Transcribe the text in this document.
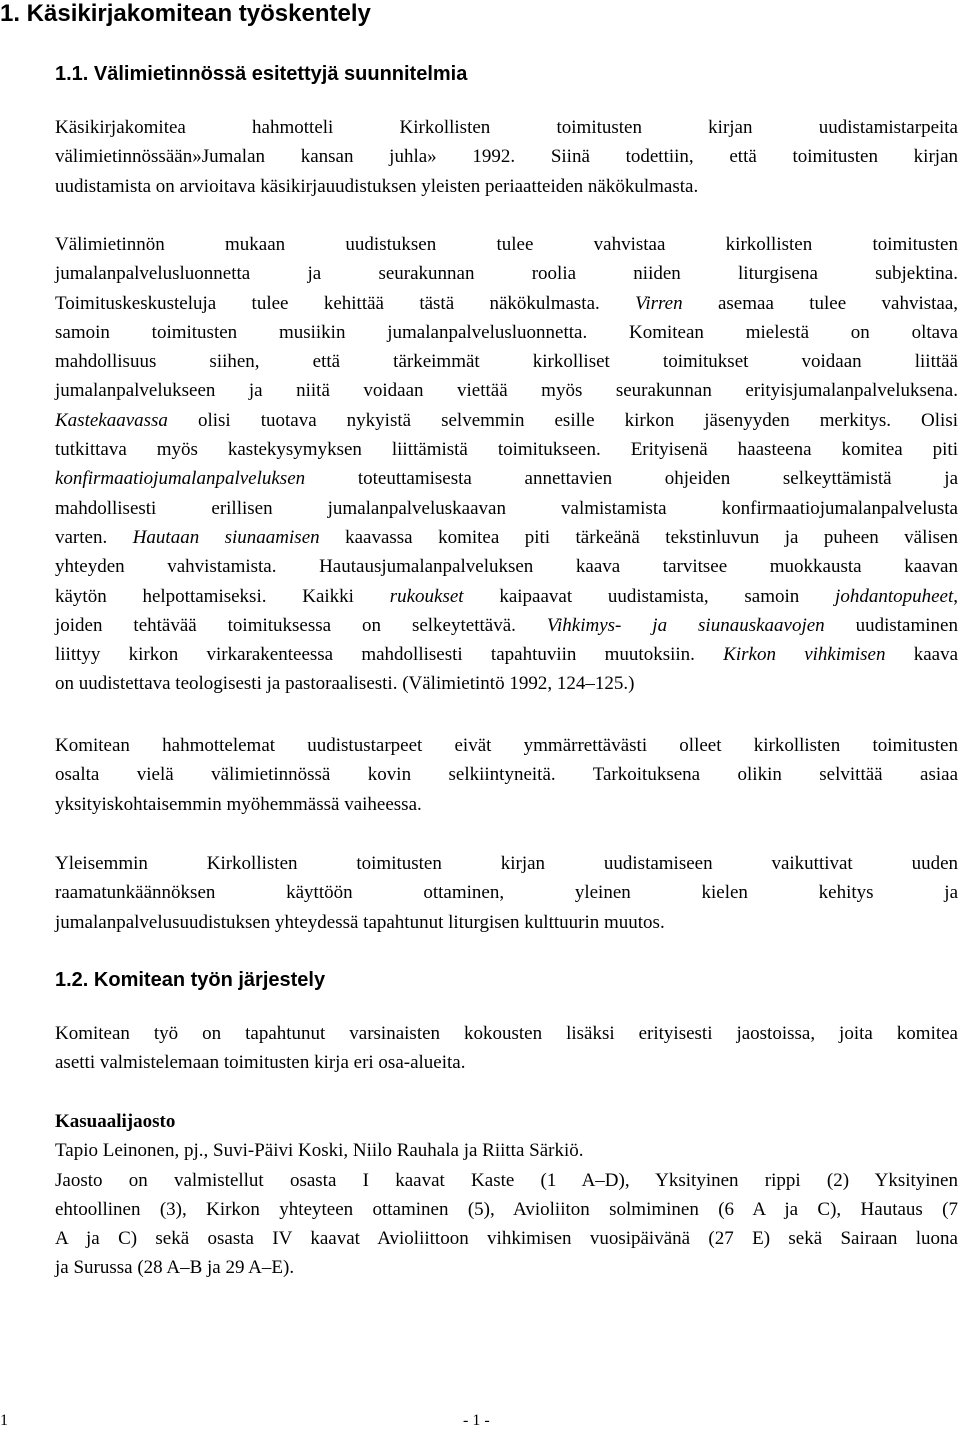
1. Käsikirjakomitean työskentely
1.1. Välimietinnössä esitettyjä suunnitelmia
Käsikirjakomitea hahmotteli Kirkollisten toimitusten kirjan uudistamistarpeita
välimietinnössään»Jumalan kansan juhla» 1992. Siinä todettiin, että toimitusten kirjan
uudistamista on arvioitava käsikirjauudistuksen yleisten periaatteiden näkökulmasta.
Välimietinnön mukaan uudistuksen tulee vahvistaa kirkollisten toimitusten
jumalanpalvelusluonnetta ja seurakunnan roolia niiden liturgisena subjektina.
Toimituskeskusteluja tulee kehittää tästä näkökulmasta. Virren asemaa tulee vahvistaa,
samoin toimitusten musiikin jumalanpalvelusluonnetta. Komitean mielestä on oltava
mahdollisuus siihen, että tärkeimmät kirkolliset toimitukset voidaan liittää
jumalanpalvelukseen ja niitä voidaan viettää myös seurakunnan erityisjumalanpalveluksena.
Kastekaavassa olisi tuotava nykyistä selvemmin esille kirkon jäsenyyden merkitys. Olisi
tutkittava myös kastekysymyksen liittämistä toimitukseen. Erityisenä haasteena komitea piti
konfirmaatiojumalanpalveluksen	toteuttamisesta annettavien ohjeiden selkeyttämistä ja
mahdollisesti erillisen jumalanpalveluskaavan valmistamista konfirmaatiojumalanpalvelusta
varten. Hautaan siunaamisen kaavassa komitea piti tärkeänä tekstinluvun ja puheen välisen
yhteyden vahvistamista. Hautausjumalanpalveluksen kaava tarvitsee muokkausta kaavan
käytön helpottamiseksi. Kaikki rukoukset kaipaavat uudistamista, samoin johdantopuheet,
joiden tehtävää toimituksessa on selkeytettävä. Vihkimys- ja siunauskaavojen uudistaminen
liittyy kirkon virkarakenteessa mahdollisesti tapahtuviin muutoksiin. Kirkon vihkimisen kaava
on uudistettava teologisesti ja pastoraalisesti. (Välimietintö 1992, 124–125.)
Komitean hahmottelemat uudistustarpeet eivät ymmärrettävästi olleet kirkollisten toimitusten
osalta vielä välimietinnössä kovin selkiintyneitä. Tarkoituksena olikin selvittää asiaa
yksityiskohtaisemmin myöhemmässä vaiheessa.
Yleisemmin Kirkollisten toimitusten kirjan uudistamiseen vaikuttivat uuden
raamatunkäännöksen käyttöön ottaminen, yleinen kielen kehitys ja
jumalanpalvelusuudistuksen yhteydessä tapahtunut liturgisen kulttuurin muutos.
1.2. Komitean työn järjestely
Komitean työ on tapahtunut varsinaisten kokousten lisäksi erityisesti jaostoissa, joita komitea
asetti valmistelemaan toimitusten kirja eri osa-alueita.
Kasuaalijaosto
Tapio Leinonen, pj., Suvi-Päivi Koski, Niilo Rauhala ja Riitta Särkiö.
Jaosto on valmistellut osasta I kaavat Kaste (1 A–D), Yksityinen rippi (2) Yksityinen
ehtoollinen (3), Kirkon yhteyteen ottaminen (5), Avioliiton solmiminen (6 A ja C), Hautaus (7
A ja C) sekä osasta IV kaavat Avioliittoon vihkimisen vuosipäivänä (27 E) sekä Sairaan luona
ja Surussa (28 A–B ja 29 A–E).
1	- 1 -
